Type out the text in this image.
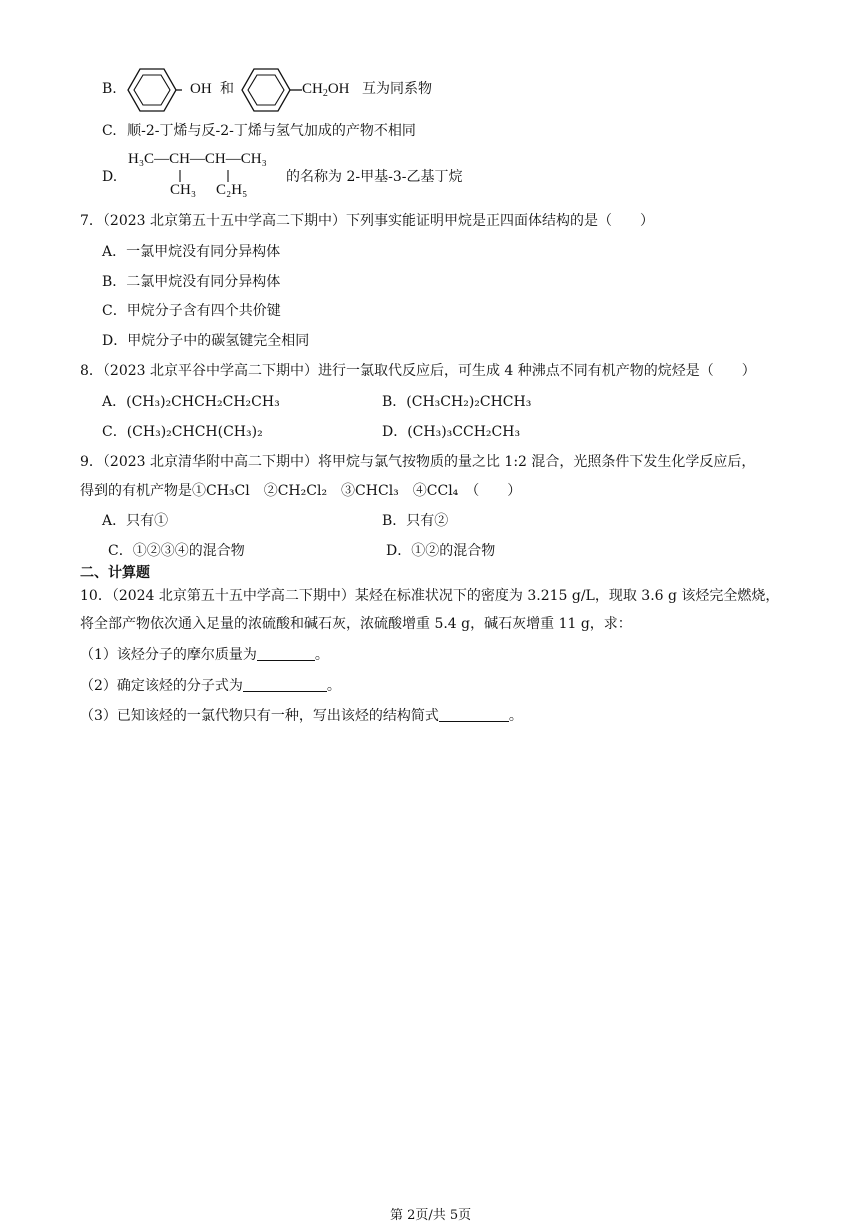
B.	OH 和	$CH_2OH$ 互为同系物
C. 顺-2-丁烯与反-2-丁烯与氢气加成的产物不相同
D.
H₃C—CH—CH—CH₃
CH₃ C₂H₅
的名称为 2-甲基-3-乙基丁烷
7．（2023 北京第五十五中学高二下期中）下列事实能证明甲烷是正四面体结构的是（　　）
A．一氯甲烷没有同分异构体
B．二氯甲烷没有同分异构体
C．甲烷分子含有四个共价键
D．甲烷分子中的碳氢键完全相同
8．（2023 北京平谷中学高二下期中）进行一氯取代反应后，可生成 4 种沸点不同有机产物的烷烃是（　　）
A．(CH₃)₂CHCH₂CH₂CH₃	B．(CH₃CH₂)₂CHCH₃
C．(CH₃)₂CHCH(CH₃)₂	D．(CH₃)₃CCH₂CH₃
9．（2023 北京清华附中高二下期中）将甲烷与氯气按物质的量之比 1:2 混合，光照条件下发生化学反应后，
得到的有机产物是①CH₃Cl　②CH₂Cl₂　③CHCl₃　④CCl₄　（　　）
A．只有①	B．只有②
C．①②③④的混合物	D．①②的混合物
二、计算题
10．（2024 北京第五十五中学高二下期中）某烃在标准状况下的密度为 3.215 g/L，现取 3.6 g 该烃完全燃烧，
将全部产物依次通入足量的浓硫酸和碱石灰，浓硫酸增重 5.4 g，碱石灰增重 11 g，求：
（1）该烃分子的摩尔质量为	。
（2）确定该烃的分子式为	。
（3）已知该烃的一氯代物只有一种，写出该烃的结构简式	。
第 2页/共 5页
